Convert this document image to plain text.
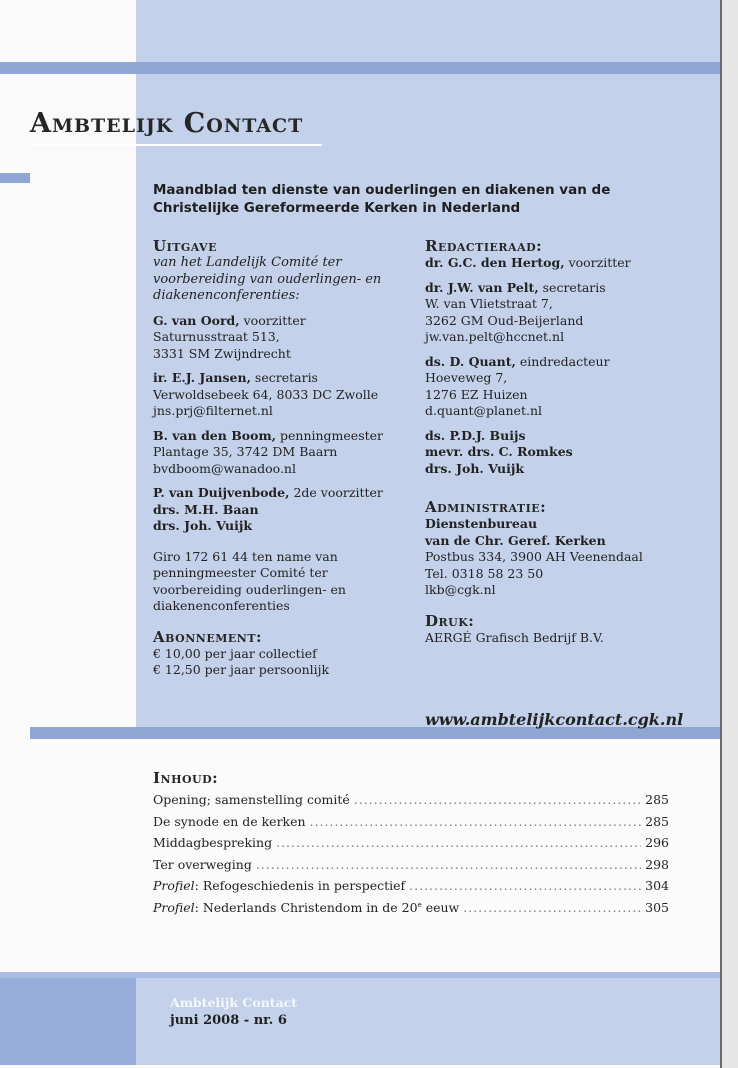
Ambtelijk Contact
Maandblad ten dienste van ouderlingen en diakenen van de Christelijke Gereformeerde Kerken in Nederland
Uitgave
van het Landelijk Comité ter voorbereiding van ouderlingen- en diakenenconferenties:
G. van Oord, voorzitter
Saturnusstraat 513,
3331 SM Zwijndrecht
ir. E.J. Jansen, secretaris
Verwoldsebeek 64, 8033 DC Zwolle
jns.prj@filternet.nl
B. van den Boom, penningmeester
Plantage 35, 3742 DM Baarn
bvdboom@wanadoo.nl
P. van Duijvenbode, 2de voorzitter
drs. M.H. Baan
drs. Joh. Vuijk
Giro 172 61 44 ten name van penningmeester Comité ter voorbereiding ouderlingen- en diakenenconferenties
Abonnement:
€ 10,00 per jaar collectief
€ 12,50 per jaar persoonlijk
Redactieraad:
dr. G.C. den Hertog, voorzitter
dr. J.W. van Pelt, secretaris
W. van Vlietstraat 7,
3262 GM Oud-Beijerland
jw.van.pelt@hccnet.nl
ds. D. Quant, eindredacteur
Hoeveweg 7,
1276 EZ Huizen
d.quant@planet.nl
ds. P.D.J. Buijs
mevr. drs. C. Romkes
drs. Joh. Vuijk
Administratie:
Dienstenbureau
van de Chr. Geref. Kerken
Postbus 334, 3900 AH Veenendaal
Tel. 0318 58 23 50
lkb@cgk.nl
Druk:
AERGÉ Grafisch Bedrijf B.V.
www.ambtelijkcontact.cgk.nl
Inhoud:
Opening; samenstelling comité .....	285
De synode en de kerken .....	285
Middagbespreking .....	296
Ter overweging .....	298
Profiel: Refogeschiedenis in perspectief .....	304
Profiel: Nederlands Christendom in de 20e eeuw .....	305
Ambtelijk Contact
juni 2008 - nr. 6
